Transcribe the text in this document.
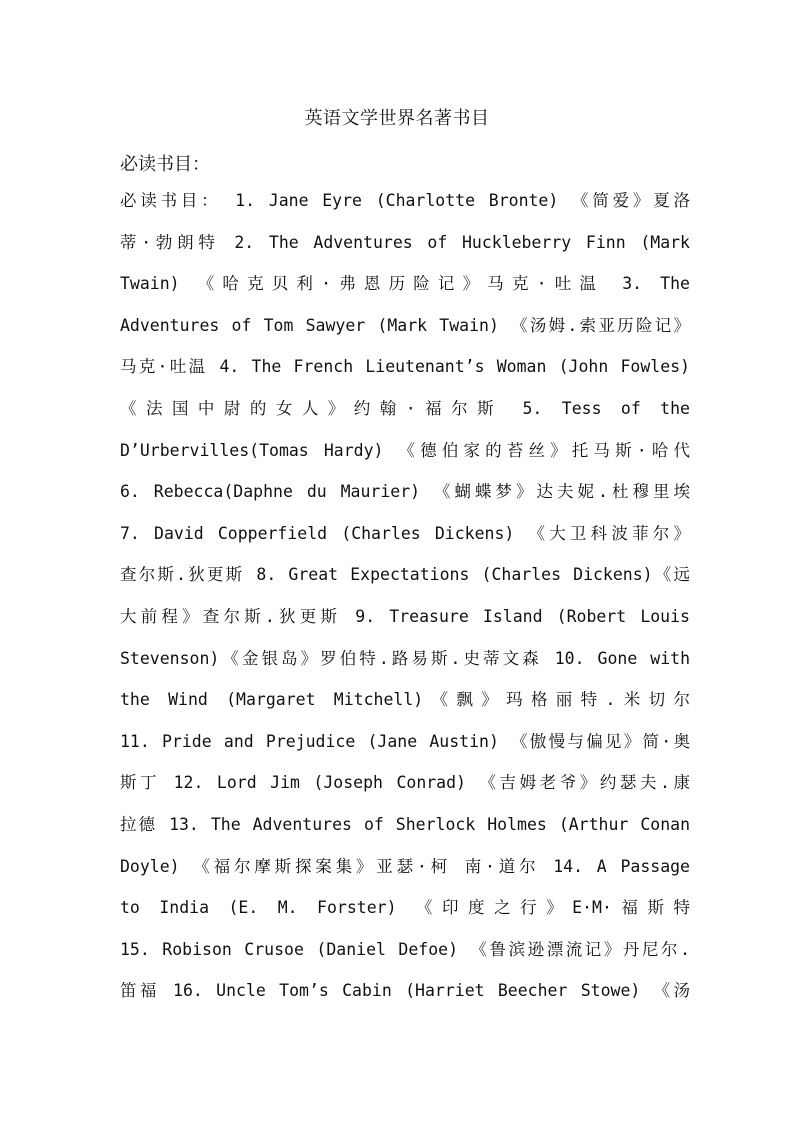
英语文学世界名著书目
必读书目：
必读书目： 1. Jane Eyre (Charlotte Bronte) 《简爱》夏洛
蒂·勃朗特 2. The Adventures of Huckleberry Finn (Mark
Twain) 《哈克贝利·弗恩历险记》马克·吐温 3. The
Adventures of Tom Sawyer (Mark Twain) 《汤姆.索亚历险记》
马克·吐温 4. The French Lieutenant’s Woman (John Fowles)
《法国中尉的女人》约翰·福尔斯 5. Tess of the
D’Urbervilles(Tomas Hardy) 《德伯家的苔丝》托马斯·哈代
6. Rebecca(Daphne du Maurier) 《蝴蝶梦》达夫妮.杜穆里埃
7. David Copperfield (Charles Dickens) 《大卫科波菲尔》
查尔斯.狄更斯 8. Great Expectations (Charles Dickens)《远
大前程》查尔斯.狄更斯 9. Treasure Island (Robert Louis
Stevenson)《金银岛》罗伯特.路易斯.史蒂文森 10. Gone with
the Wind (Margaret Mitchell)《飘》玛格丽特.米切尔
11. Pride and Prejudice (Jane Austin) 《傲慢与偏见》简·奥
斯丁 12. Lord Jim (Joseph Conrad) 《吉姆老爷》约瑟夫.康
拉德 13. The Adventures of Sherlock Holmes (Arthur Conan
Doyle) 《福尔摩斯探案集》亚瑟·柯 南·道尔 14. A Passage
to India (E. M. Forster) 《印度之行》E·M·福斯特
15. Robison Crusoe (Daniel Defoe) 《鲁滨逊漂流记》丹尼尔.
笛福 16. Uncle Tom’s Cabin (Harriet Beecher Stowe) 《汤
